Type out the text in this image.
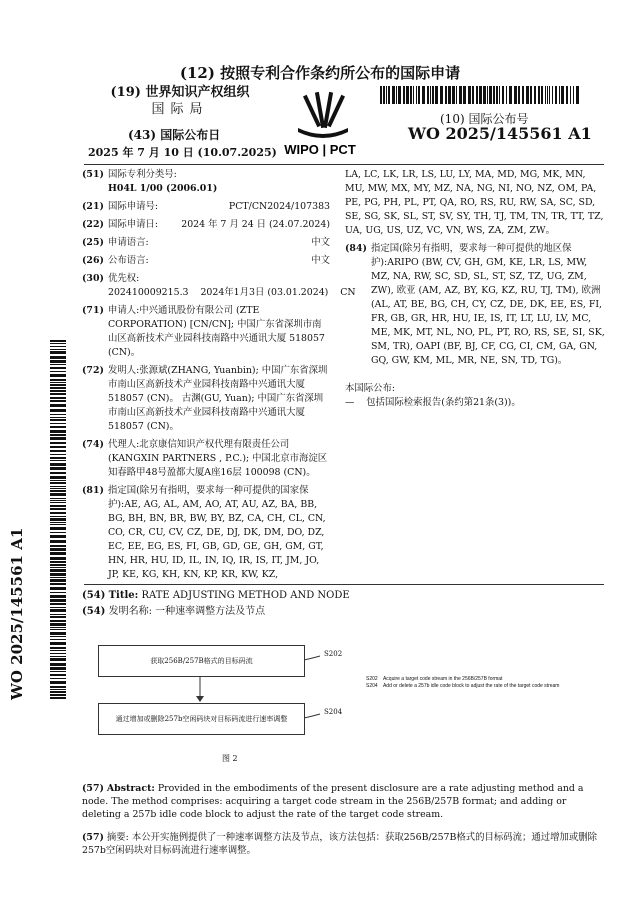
(12) 按照专利合作条约所公布的国际申请
(19) 世界知识产权组织
国际局
(43) 国际公布日
2025 年 7 月 10 日 (10.07.2025) WIPO | PCT
(10) 国际公布号
WO 2025/145561 A1
(51) 国际专利分类号:
H04L 1/00 (2006.01)
(21) 国际申请号:	PCT/CN2024/107383
(22) 国际申请日: 2024 年 7 月 24 日 (24.07.2024)
(25) 申请语言:	中文
(26) 公布语言:	中文
(30) 优先权:
202410009215.3    2024年1月3日 (03.01.2024)    CN
(71) 申请人:中兴通讯股份有限公司 (ZTE CORPORATION) [CN/CN]; 中国广东省深圳市南山区高新技术产业园科技南路中兴通讯大厦 518057 (CN)。
(72) 发明人:张源斌(ZHANG, Yuanbin); 中国广东省深圳市南山区高新技术产业园科技南路中兴通讯大厦 518057 (CN)。 古渊(GU, Yuan); 中国广东省深圳市南山区高新技术产业园科技南路中兴通讯大厦 518057 (CN)。
(74) 代理人:北京康信知识产权代理有限责任公司 (KANGXIN PARTNERS , P.C.); 中国北京市海淀区知春路甲48号盈都大厦A座16层 100098 (CN)。
(81) 指定国(除另有指明，要求每一种可提供的国家保护):AE, AG, AL, AM, AO, AT, AU, AZ, BA, BB, BG, BH, BN, BR, BW, BY, BZ, CA, CH, CL, CN, CO, CR, CU, CV, CZ, DE, DJ, DK, DM, DO, DZ, EC, EE, EG, ES, FI, GB, GD, GE, GH, GM, GT, HN, HR, HU, ID, IL, IN, IQ, IR, IS, IT, JM, JO, JP, KE, KG, KH, KN, KP, KR, KW, KZ,
LA, LC, LK, LR, LS, LU, LY, MA, MD, MG, MK, MN, MU, MW, MX, MY, MZ, NA, NG, NI, NO, NZ, OM, PA, PE, PG, PH, PL, PT, QA, RO, RS, RU, RW, SA, SC, SD, SE, SG, SK, SL, ST, SV, SY, TH, TJ, TM, TN, TR, TT, TZ, UA, UG, US, UZ, VC, VN, WS, ZA, ZM, ZW。
(84) 指定国(除另有指明，要求每一种可提供的地区保护):ARIPO (BW, CV, GH, GM, KE, LR, LS, MW, MZ, NA, RW, SC, SD, SL, ST, SZ, TZ, UG, ZM, ZW), 欧亚 (AM, AZ, BY, KG, KZ, RU, TJ, TM), 欧洲 (AL, AT, BE, BG, CH, CY, CZ, DE, DK, EE, ES, FI, FR, GB, GR, HR, HU, IE, IS, IT, LT, LU, LV, MC, ME, MK, MT, NL, NO, PL, PT, RO, RS, SE, SI, SK, SM, TR), OAPI (BF, BJ, CF, CG, CI, CM, GA, GN, GQ, GW, KM, ML, MR, NE, SN, TD, TG)。
本国际公布:
—    包括国际检索报告(条约第21条(3))。
(54) Title: RATE ADJUSTING METHOD AND NODE
(54) 发明名称: 一种速率调整方法及节点
获取256B/257B格式的目标码流
通过增加或删除257b空闲码块对目标码流进行速率调整
S202
S204
S202    Acquire a target code stream in the 256B/257B format
S204    Add or delete a 257b idle code block to adjust the rate of the target code stream
图 2

(57) Abstract: Provided in the embodiments of the present disclosure are a rate adjusting method and a node. The method comprises: acquiring a target code stream in the 256B/257B format; and adding or deleting a 257b idle code block to adjust the rate of the target code stream.

(57) 摘要: 本公开实施例提供了一种速率调整方法及节点，该方法包括：获取256B/257B格式的目标码流；通过增加或删除257b空闲码块对目标码流进行速率调整。

WO 2025/145561 A1
